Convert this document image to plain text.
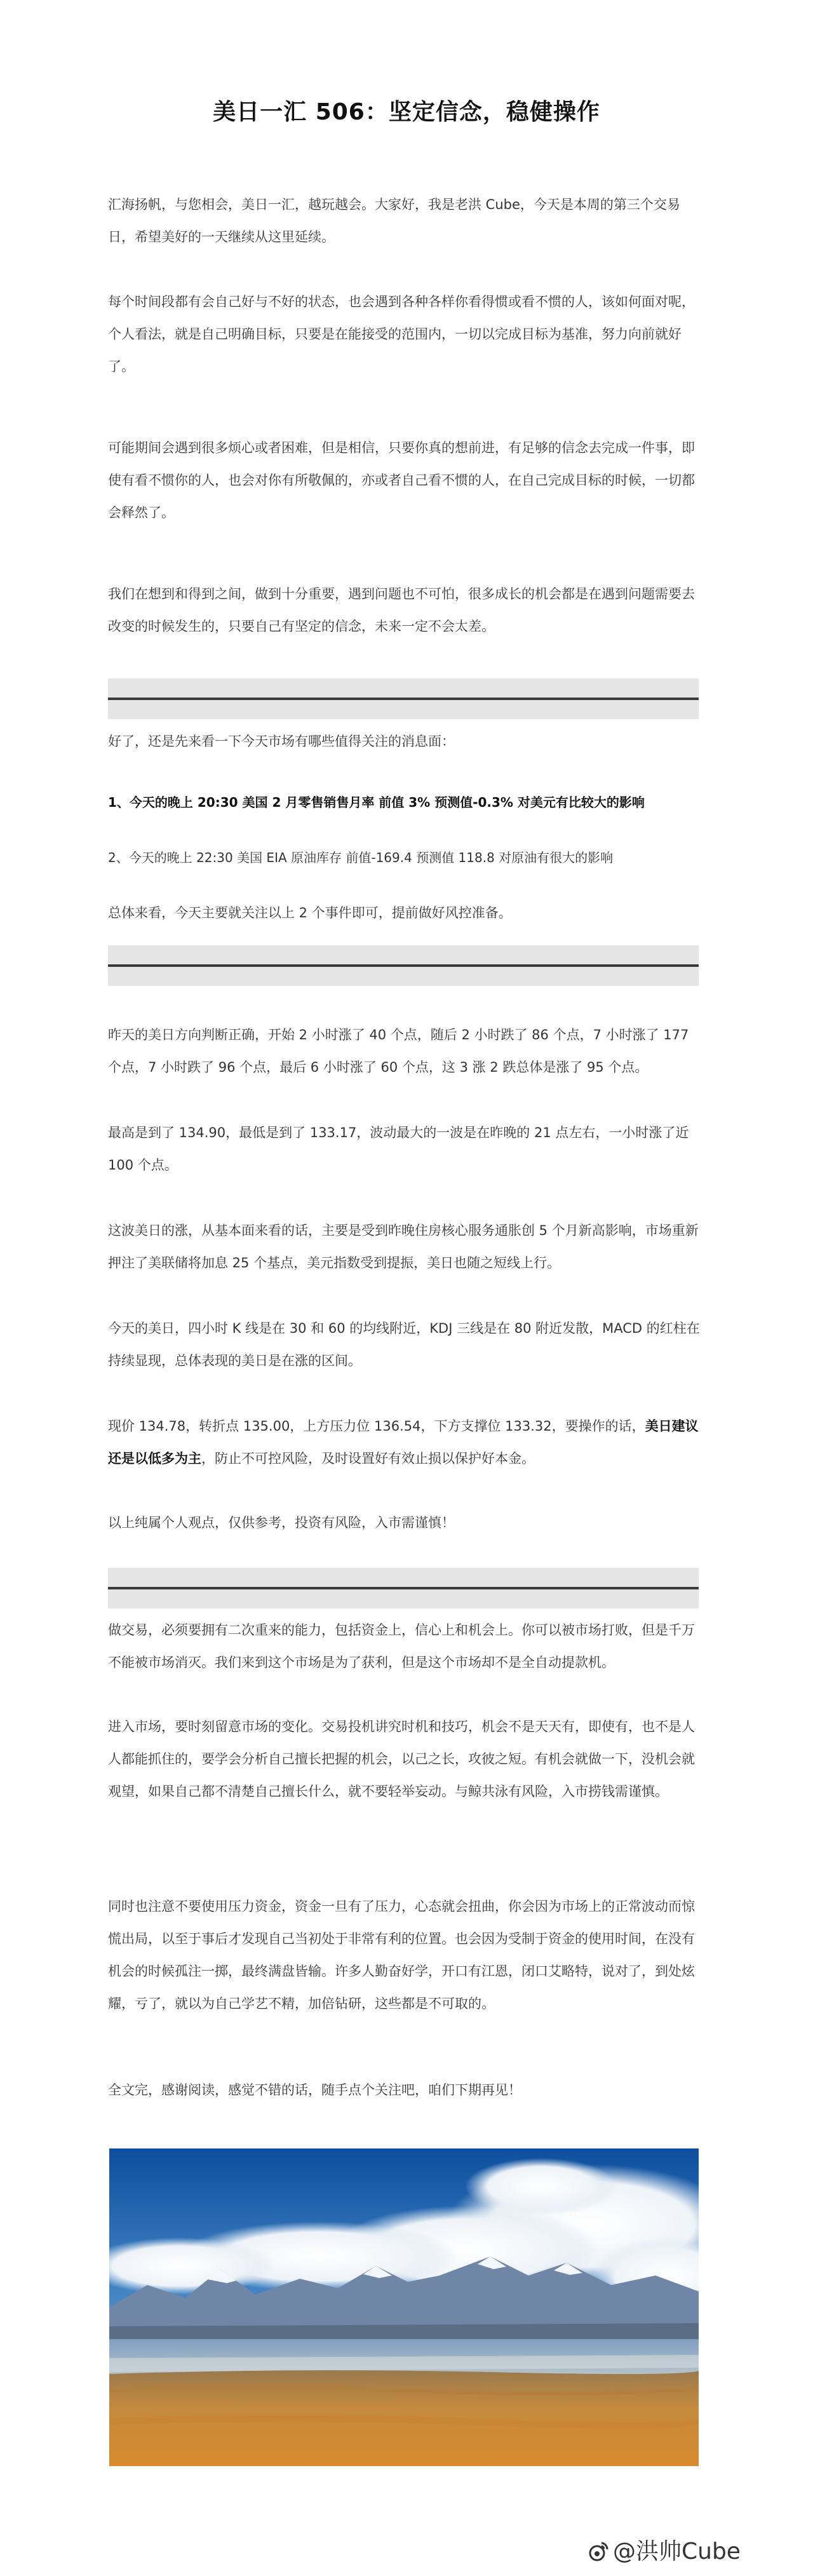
美日一汇 506：坚定信念，稳健操作

汇海扬帆，与您相会，美日一汇，越玩越会。大家好，我是老洪 Cube，今天是本周的第三个交易日，希望美好的一天继续从这里延续。

每个时间段都有会自己好与不好的状态，也会遇到各种各样你看得惯或看不惯的人，该如何面对呢，个人看法，就是自己明确目标，只要是在能接受的范围内，一切以完成目标为基准，努力向前就好了。

可能期间会遇到很多烦心或者困难，但是相信，只要你真的想前进，有足够的信念去完成一件事，即使有看不惯你的人，也会对你有所敬佩的，亦或者自己看不惯的人，在自己完成目标的时候，一切都会释然了。

我们在想到和得到之间，做到十分重要，遇到问题也不可怕，很多成长的机会都是在遇到问题需要去改变的时候发生的，只要自己有坚定的信念，未来一定不会太差。

好了，还是先来看一下今天市场有哪些值得关注的消息面：

1、今天的晚上 20:30 美国 2 月零售销售月率 前值 3% 预测值-0.3% 对美元有比较大的影响

2、今天的晚上 22:30 美国 EIA 原油库存 前值-169.4 预测值 118.8 对原油有很大的影响

总体来看，今天主要就关注以上 2 个事件即可，提前做好风控准备。

昨天的美日方向判断正确，开始 2 小时涨了 40 个点，随后 2 小时跌了 86 个点，7 小时涨了 177 个点，7 小时跌了 96 个点，最后 6 小时涨了 60 个点，这 3 涨 2 跌总体是涨了 95 个点。

最高是到了 134.90，最低是到了 133.17，波动最大的一波是在昨晚的 21 点左右，一小时涨了近 100 个点。

这波美日的涨，从基本面来看的话，主要是受到昨晚住房核心服务通胀创 5 个月新高影响，市场重新押注了美联储将加息 25 个基点，美元指数受到提振，美日也随之短线上行。

今天的美日，四小时 K 线是在 30 和 60 的均线附近，KDJ 三线是在 80 附近发散，MACD 的红柱在持续显现，总体表现的美日是在涨的区间。

现价 134.78，转折点 135.00，上方压力位 136.54，下方支撑位 133.32，要操作的话，美日建议还是以低多为主，防止不可控风险，及时设置好有效止损以保护好本金。

以上纯属个人观点，仅供参考，投资有风险，入市需谨慎！

做交易，必须要拥有二次重来的能力，包括资金上，信心上和机会上。你可以被市场打败，但是千万不能被市场消灭。我们来到这个市场是为了获利，但是这个市场却不是全自动提款机。

进入市场，要时刻留意市场的变化。交易投机讲究时机和技巧，机会不是天天有，即使有，也不是人人都能抓住的，要学会分析自己擅长把握的机会，以己之长，攻彼之短。有机会就做一下，没机会就观望，如果自己都不清楚自己擅长什么，就不要轻举妄动。与鲸共泳有风险，入市捞钱需谨慎。

同时也注意不要使用压力资金，资金一旦有了压力，心态就会扭曲，你会因为市场上的正常波动而惊慌出局，以至于事后才发现自己当初处于非常有利的位置。也会因为受制于资金的使用时间，在没有机会的时候孤注一掷，最终满盘皆输。许多人勤奋好学，开口有江恩，闭口艾略特，说对了，到处炫耀，亏了，就以为自己学艺不精，加倍钻研，这些都是不可取的。

全文完，感谢阅读，感觉不错的话，随手点个关注吧，咱们下期再见！

@洪帅Cube
